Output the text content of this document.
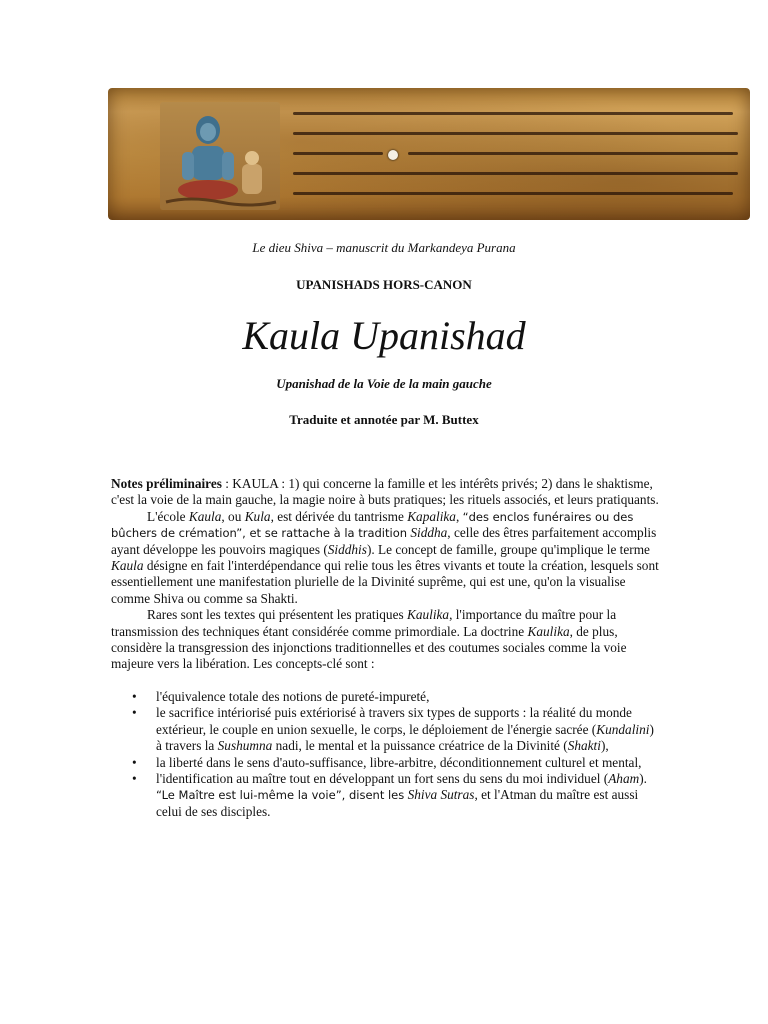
Le dieu Shiva – manuscrit du Markandeya Purana
UPANISHADS HORS-CANON
Kaula Upanishad
Upanishad de la Voie de la main gauche
Traduite et annotée par M. Buttex

Notes préliminaires : KAULA : 1) qui concerne la famille et les intérêts privés; 2) dans le shaktisme, c'est la voie de la main gauche, la magie noire à buts pratiques; les rituels associés, et leurs pratiquants.

L'école Kaula, ou Kula, est dérivée du tantrisme Kapalika, “des enclos funéraires ou des bûchers de crémation”, et se rattache à la tradition Siddha, celle des êtres parfaitement accomplis ayant développe les pouvoirs magiques (Siddhis). Le concept de famille, groupe qu'implique le terme Kaula désigne en fait l'interdépendance qui relie tous les êtres vivants et toute la création, lesquels sont essentiellement une manifestation plurielle de la Divinité suprême, qui est une, qu'on la visualise comme Shiva ou comme sa Shakti.

Rares sont les textes qui présentent les pratiques Kaulika, l'importance du maître pour la transmission des techniques étant considérée comme primordiale. La doctrine Kaulika, de plus, considère la transgression des injonctions traditionnelles et des coutumes sociales comme la voie majeure vers la libération. Les concepts-clé sont :

• l'équivalence totale des notions de pureté-impureté,
• le sacrifice intériorisé puis extériorisé à travers six types de supports : la réalité du monde extérieur, le couple en union sexuelle, le corps, le déploiement de l'énergie sacrée (Kundalini) à travers la Sushumna nadi, le mental et la puissance créatrice de la Divinité (Shakti),
• la liberté dans le sens d'auto-suffisance, libre-arbitre, déconditionnement culturel et mental,
• l'identification au maître tout en développant un fort sens du sens du moi individuel (Aham). “Le Maître est lui-même la voie”, disent les Shiva Sutras, et l'Atman du maître est aussi celui de ses disciples.
